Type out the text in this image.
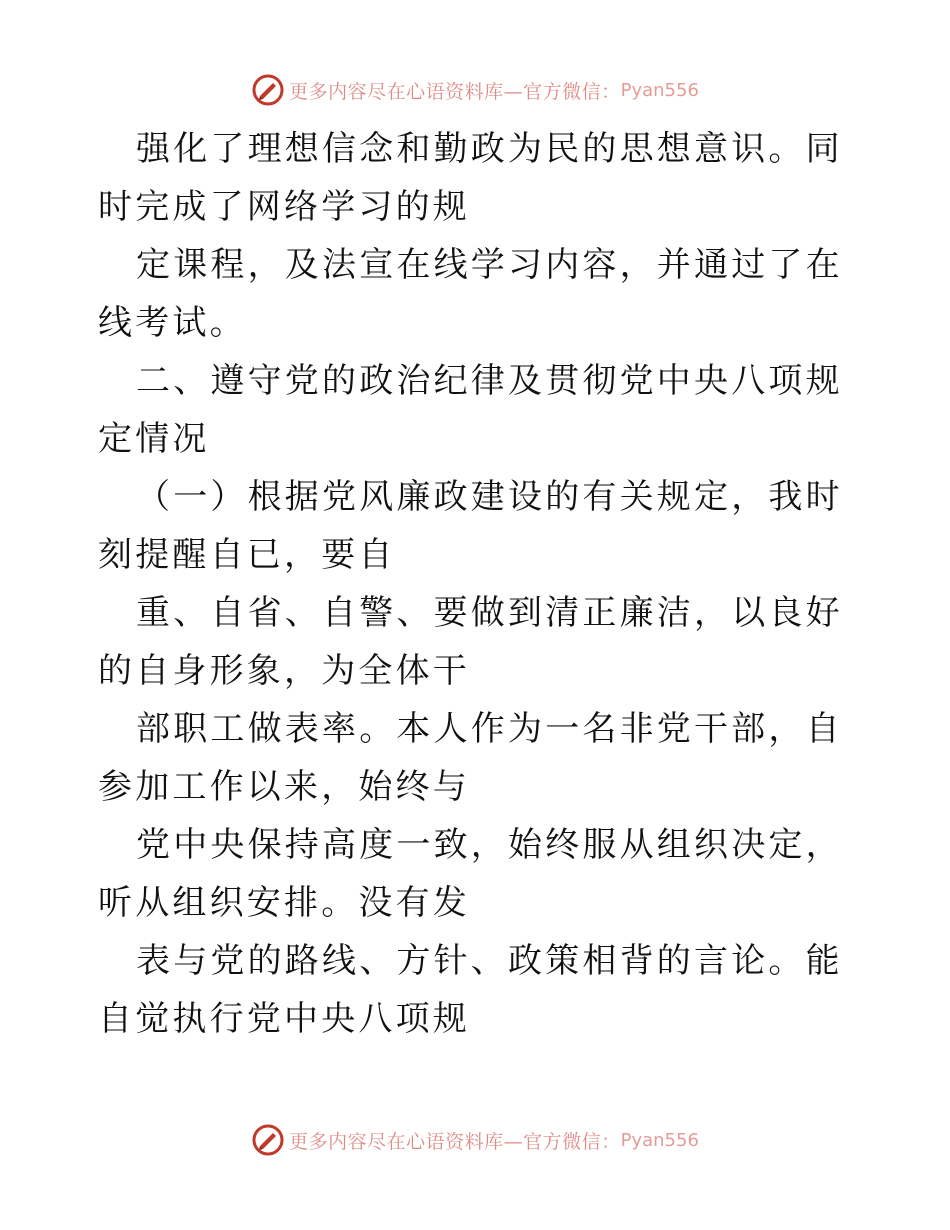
更多内容尽在心语资料库—官方微信： Pyan556

强化了理想信念和勤政为民的思想意识。同时完成了网络学习的规

定课程，及法宣在线学习内容，并通过了在线考试。

二、遵守党的政治纪律及贯彻党中央八项规定情况

（一）根据党风廉政建设的有关规定，我时刻提醒自已，要自

重、自省、自警、要做到清正廉洁，以良好的自身形象，为全体干

部职工做表率。本人作为一名非党干部，自参加工作以来，始终与

党中央保持高度一致，始终服从组织决定，听从组织安排。没有发

表与党的路线、方针、政策相背的言论。能自觉执行党中央八项规

更多内容尽在心语资料库—官方微信： Pyan556
